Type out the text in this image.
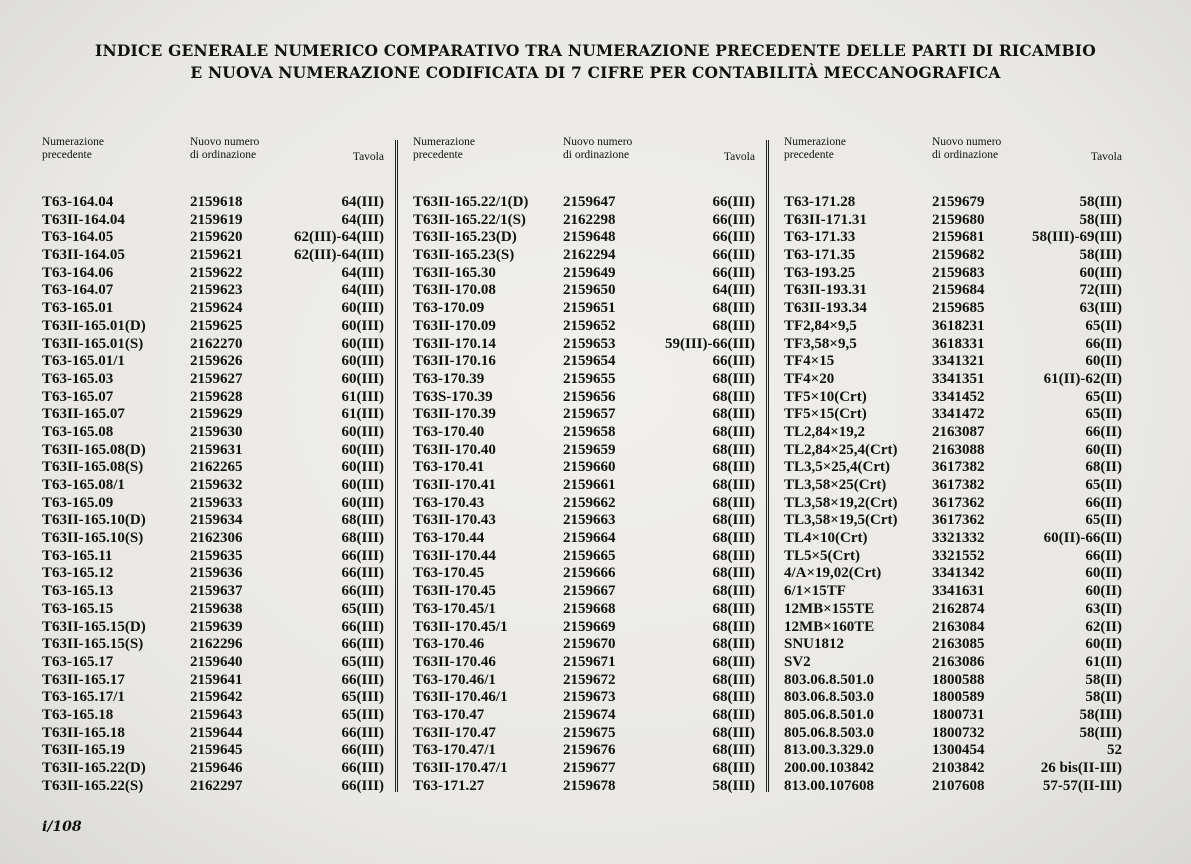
INDICE GENERALE NUMERICO COMPARATIVO TRA NUMERAZIONE PRECEDENTE DELLE PARTI DI RICAMBIO
E NUOVA NUMERAZIONE CODIFICATA DI 7 CIFRE PER CONTABILITÀ MECCANOGRAFICA
Numerazione
precedente
Nuovo numero
di ordinazione	Tavola
T63-164.04	2159618	64(III)
T63II-164.04	2159619	64(III)
T63-164.05	2159620	62(III)-64(III)
T63II-164.05	2159621	62(III)-64(III)
T63-164.06	2159622	64(III)
T63-164.07	2159623	64(III)
T63-165.01	2159624	60(III)
T63II-165.01(D)	2159625	60(III)
T63II-165.01(S)	2162270	60(III)
T63-165.01/1	2159626	60(III)
T63-165.03	2159627	60(III)
T63-165.07	2159628	61(III)
T63II-165.07	2159629	61(III)
T63-165.08	2159630	60(III)
T63II-165.08(D)	2159631	60(III)
T63II-165.08(S)	2162265	60(III)
T63-165.08/1	2159632	60(III)
T63-165.09	2159633	60(III)
T63II-165.10(D)	2159634	68(III)
T63II-165.10(S)	2162306	68(III)
T63-165.11	2159635	66(III)
T63-165.12	2159636	66(III)
T63-165.13	2159637	66(III)
T63-165.15	2159638	65(III)
T63II-165.15(D)	2159639	66(III)
T63II-165.15(S)	2162296	66(III)
T63-165.17	2159640	65(III)
T63II-165.17	2159641	66(III)
T63-165.17/1	2159642	65(III)
T63-165.18	2159643	65(III)
T63II-165.18	2159644	66(III)
T63II-165.19	2159645	66(III)
T63II-165.22(D)	2159646	66(III)
T63II-165.22(S)	2162297	66(III)
Numerazione
precedente
Nuovo numero
di ordinazione	Tavola
T63II-165.22/1(D) 2159647	66(III)
T63II-165.22/1(S) 2162298	66(III)
T63II-165.23(D)	2159648	66(III)
T63II-165.23(S)	2162294	66(III)
T63II-165.30	2159649	66(III)
T63II-170.08	2159650	64(III)
T63-170.09	2159651	68(III)
T63II-170.09	2159652	68(III)
T63II-170.14	2159653	59(III)-66(III)
T63II-170.16	2159654	66(III)
T63-170.39	2159655	68(III)
T63S-170.39	2159656	68(III)
T63II-170.39	2159657	68(III)
T63-170.40	2159658	68(III)
T63II-170.40	2159659	68(III)
T63-170.41	2159660	68(III)
T63II-170.41	2159661	68(III)
T63-170.43	2159662	68(III)
T63II-170.43	2159663	68(III)
T63-170.44	2159664	68(III)
T63II-170.44	2159665	68(III)
T63-170.45	2159666	68(III)
T63II-170.45	2159667	68(III)
T63-170.45/1	2159668	68(III)
T63II-170.45/1	2159669	68(III)
T63-170.46	2159670	68(III)
T63II-170.46	2159671	68(III)
T63-170.46/1	2159672	68(III)
T63II-170.46/1	2159673	68(III)
T63-170.47	2159674	68(III)
T63II-170.47	2159675	68(III)
T63-170.47/1	2159676	68(III)
T63II-170.47/1	2159677	68(III)
T63-171.27	2159678	58(III)
Numerazione
precedente
Nuovo numero
di ordinazione	Tavola
T63-171.28	2159679	58(III)
T63II-171.31	2159680	58(III)
T63-171.33	2159681	58(III)-69(III)
T63-171.35	2159682	58(III)
T63-193.25	2159683	60(III)
T63II-193.31	2159684	72(III)
T63II-193.34	2159685	63(III)
TF2,84×9,5	3618231	65(II)
TF3,58×9,5	3618331	66(II)
TF4×15	3341321	60(II)
TF4×20	3341351	61(II)-62(II)
TF5×10(Crt)	3341452	65(II)
TF5×15(Crt)	3341472	65(II)
TL2,84×19,2	2163087	66(II)
TL2,84×25,4(Crt) 2163088	60(II)
TL3,5×25,4(Crt)	3617382	68(II)
TL3,58×25(Crt)	3617382	65(II)
TL3,58×19,2(Crt) 3617362	66(II)
TL3,58×19,5(Crt) 3617362	65(II)
TL4×10(Crt)	3321332	60(II)-66(II)
TL5×5(Crt)	3321552	66(II)
4/A×19,02(Crt)	3341342	60(II)
6/1×15TF	3341631	60(II)
12MB×155TE	2162874	63(II)
12MB×160TE	2163084	62(II)
SNU1812	2163085	60(II)
SV2	2163086	61(II)
803.06.8.501.0	1800588	58(II)
803.06.8.503.0	1800589	58(II)
805.06.8.501.0	1800731	58(III)
805.06.8.503.0	1800732	58(III)
813.00.3.329.0	1300454	52
200.00.103842	2103842	26 bis(II-III)
813.00.107608	2107608	57-57(II-III)
i/108
